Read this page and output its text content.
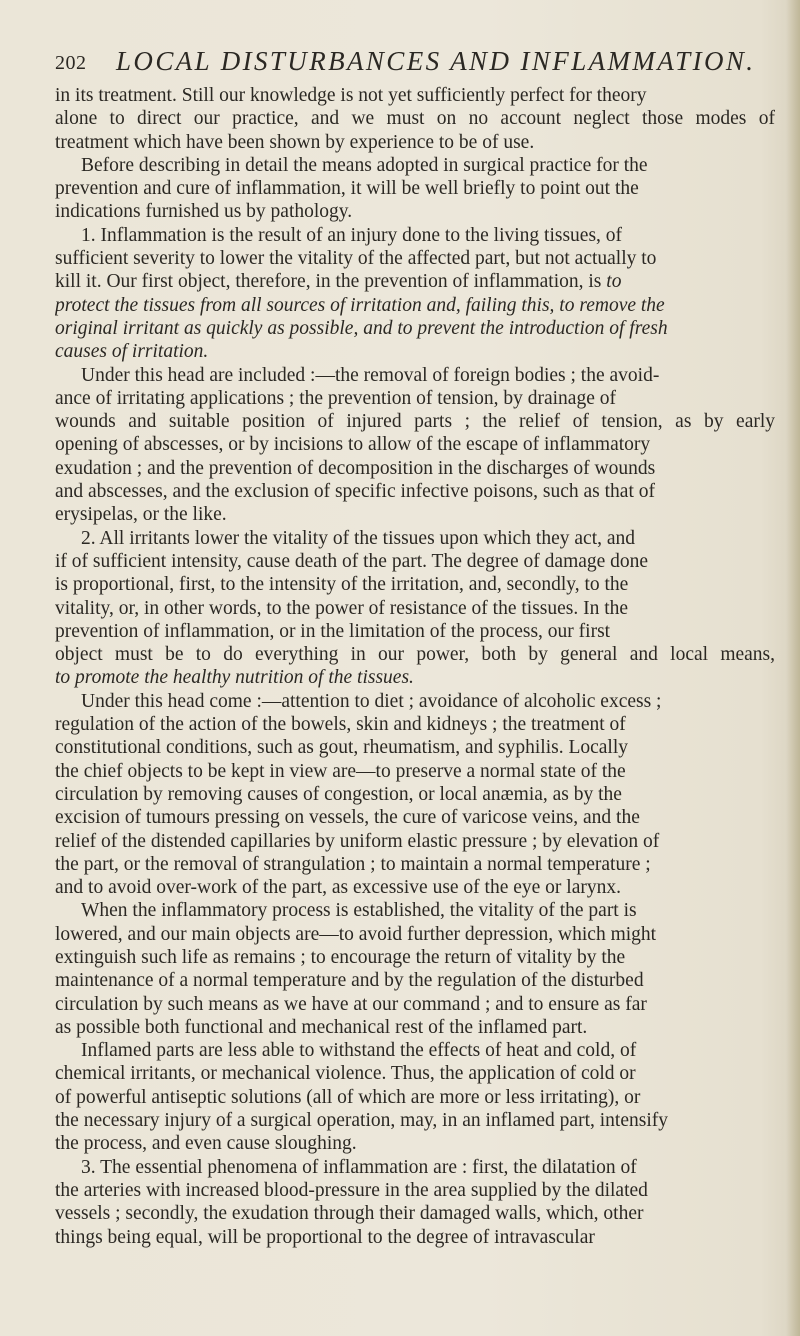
202 LOCAL DISTURBANCES AND INFLAMMATION.
in its treatment. Still our knowledge is not yet sufficiently perfect for theory
alone to direct our practice, and we must on no account neglect those modes of
treatment which have been shown by experience to be of use.
Before describing in detail the means adopted in surgical practice for the
prevention and cure of inflammation, it will be well briefly to point out the
indications furnished us by pathology.
1. Inflammation is the result of an injury done to the living tissues, of
sufficient severity to lower the vitality of the affected part, but not actually to
kill it. Our first object, therefore, in the prevention of inflammation, is to
protect the tissues from all sources of irritation and, failing this, to remove the
original irritant as quickly as possible, and to prevent the introduction of fresh
causes of irritation.
Under this head are included :—the removal of foreign bodies ; the avoid-
ance of irritating applications ; the prevention of tension, by drainage of
wounds and suitable position of injured parts ; the relief of tension, as by early
opening of abscesses, or by incisions to allow of the escape of inflammatory
exudation ; and the prevention of decomposition in the discharges of wounds
and abscesses, and the exclusion of specific infective poisons, such as that of
erysipelas, or the like.
2. All irritants lower the vitality of the tissues upon which they act, and
if of sufficient intensity, cause death of the part. The degree of damage done
is proportional, first, to the intensity of the irritation, and, secondly, to the
vitality, or, in other words, to the power of resistance of the tissues. In the
prevention of inflammation, or in the limitation of the process, our first
object must be to do everything in our power, both by general and local means,
to promote the healthy nutrition of the tissues.
Under this head come :—attention to diet ; avoidance of alcoholic excess ;
regulation of the action of the bowels, skin and kidneys ; the treatment of
constitutional conditions, such as gout, rheumatism, and syphilis. Locally
the chief objects to be kept in view are—to preserve a normal state of the
circulation by removing causes of congestion, or local anæmia, as by the
excision of tumours pressing on vessels, the cure of varicose veins, and the
relief of the distended capillaries by uniform elastic pressure ; by elevation of
the part, or the removal of strangulation ; to maintain a normal temperature ;
and to avoid over-work of the part, as excessive use of the eye or larynx.
When the inflammatory process is established, the vitality of the part is
lowered, and our main objects are—to avoid further depression, which might
extinguish such life as remains ; to encourage the return of vitality by the
maintenance of a normal temperature and by the regulation of the disturbed
circulation by such means as we have at our command ; and to ensure as far
as possible both functional and mechanical rest of the inflamed part.
Inflamed parts are less able to withstand the effects of heat and cold, of
chemical irritants, or mechanical violence. Thus, the application of cold or
of powerful antiseptic solutions (all of which are more or less irritating), or
the necessary injury of a surgical operation, may, in an inflamed part, intensify
the process, and even cause sloughing.
3. The essential phenomena of inflammation are : first, the dilatation of
the arteries with increased blood-pressure in the area supplied by the dilated
vessels ; secondly, the exudation through their damaged walls, which, other
things being equal, will be proportional to the degree of intravascular
